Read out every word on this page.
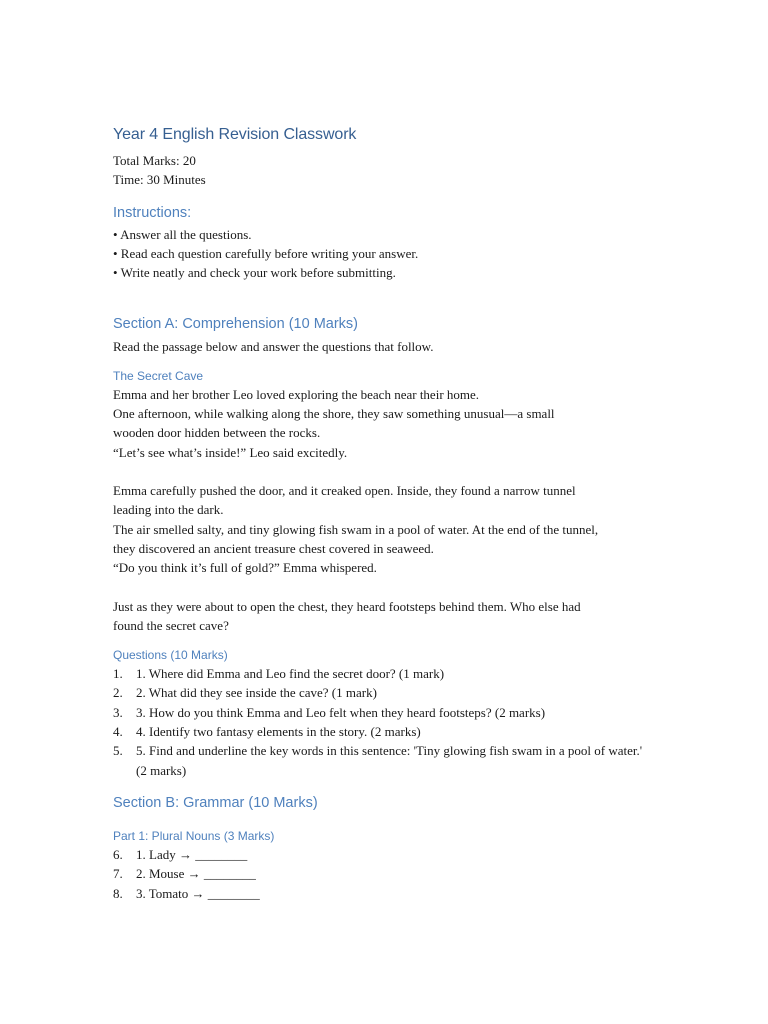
Year 4 English Revision Classwork

Total Marks: 20

Time: 30 Minutes

Instructions:
• Answer all the questions.
• Read each question carefully before writing your answer.
• Write neatly and check your work before submitting.
Section A: Comprehension (10 Marks)

Read the passage below and answer the questions that follow.

The Secret Cave

Emma and her brother Leo loved exploring the beach near their home.

One afternoon, while walking along the shore, they saw something unusual—a small

wooden door hidden between the rocks.

“Let’s see what’s inside!” Leo said excitedly.

Emma carefully pushed the door, and it creaked open. Inside, they found a narrow tunnel

leading into the dark.

The air smelled salty, and tiny glowing fish swam in a pool of water. At the end of the tunnel,

they discovered an ancient treasure chest covered in seaweed.

“Do you think it’s full of gold?” Emma whispered.

Just as they were about to open the chest, they heard footsteps behind them. Who else had

found the secret cave?

Questions (10 Marks)
1. 1. Where did Emma and Leo find the secret door? (1 mark)
2. 2. What did they see inside the cave? (1 mark)
3. 3. How do you think Emma and Leo felt when they heard footsteps? (2 marks)
4. 4. Identify two fantasy elements in the story. (2 marks)
5. 5. Find and underline the key words in this sentence: 'Tiny glowing fish swam in a pool of water.' (2 marks)
Section B: Grammar (10 Marks)
Part 1: Plural Nouns (3 Marks)
6. 1. Lady → ________
7. 2. Mouse → ________
8. 3. Tomato → ________
